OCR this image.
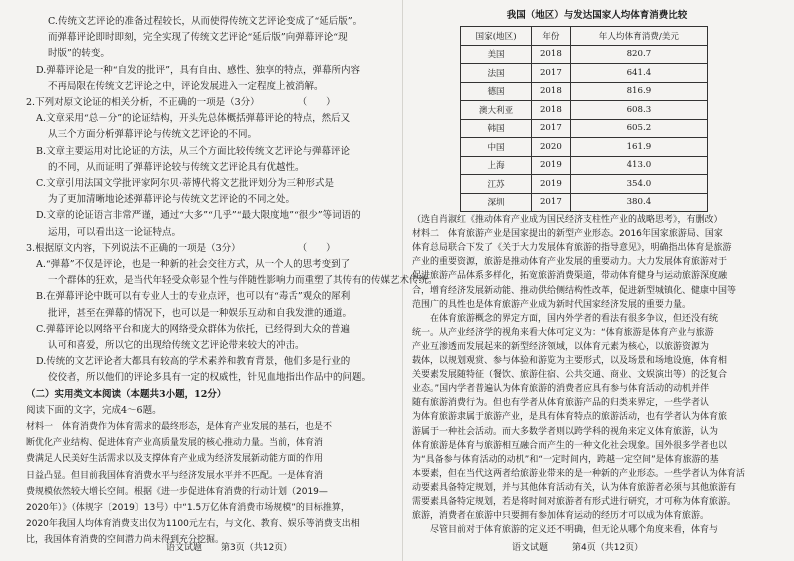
C.传统文艺评论的准备过程较长，从而使得传统文艺评论变成了“延后版”。
而弹幕评论即时即刻，完全实现了传统文艺评论“延后版”向弹幕评论“现
时版”的转变。
D.弹幕评论是一种“自发的批评”，具有自由、感性、独享的特点，弹幕所内容
不再局限在传统文艺评论之中，评论发展进入一定程度上被消解。
2.下列对原文论证的相关分析，不正确的一项是（3分）　　　　　（　　）
A.文章采用“总－分”的论证结构，开头先总体概括弹幕评论的特点，然后又
从三个方面分析弹幕评论与传统文艺评论的不同。
B.文章主要运用对比论证的方法，从三个方面比较传统文艺评论与弹幕评论
的不同，从而证明了弹幕评论较与传统文艺评论具有优越性。
C.文章引用法国文学批评家阿尔贝·蒂博代将文艺批评划分为三种形式是
为了更加清晰地论述弹幕评论与传统文艺评论的不同之处。
D.文章的论证语言非常严谨，通过“大多”“几乎”“最大限度地”“很少”等词语的
运用，可以看出这一论证特点。
3.根据原文内容，下列说法不正确的一项是（3分）　　　　　　　（　　）
A.“弹幕”不仅是评论，也是一种新的社会交往方式，从一个人的思考变到了
一个群体的狂欢，是当代年轻受众彰显个性与伴随性影响力而重塑了其传有的传媒艺术传统。
B.在弹幕评论中既可以有专业人士的专业点评，也可以有“毒舌”观众的犀利
批评，甚至在弹幕的情况下，也可以是一种娱乐互动和自我发泄的通道。
C.弹幕评论以网络平台和庞大的网络受众群体为依托，已经得到大众的普遍
认可和喜爱，所以它的出现给传统文艺评论带来较大的冲击。
D.传统的文艺评论者大都具有较高的学术素养和教育背景，他们多是行业的
佼佼者，所以他们的评论多具有一定的权威性，针见血地指出作品中的问题。
（二）实用类文本阅读（本题共3小题，12分）
阅读下面的文字，完成4～6题。
材料一　体育消费作为体育需求的最终形态，是体育产业发展的基石，也是不
断优化产业结构、促进体育产业高质量发展的核心推动力量。当前，体育消
费满足人民美好生活需求以及支撑体育产业成为经济发展新动能方面的作用
日益凸显。但目前我国体育消费水平与经济发展水平并不匹配。一是体育消
费规模依然较大增长空间。根据《进一步促进体育消费的行动计划（2019—
2020年）》（体规字〔2019〕13号）中“1.5万亿体育消费市场规模”的目标推算，
2020年我国人均体育消费支出仅为1100元左右，与文化、教育、娱乐等消费支出相
比，我国体育消费的空间潜力尚未得到充分挖掘。
语文试题 第3页（共12页）
我国（地区）与发达国家人均体育消费比较
国家(地区)	年份	年人均体育消费/美元
美国	2018	820.7
法国	2017	641.4
德国	2018	816.9
澳大利亚	2018	608.3
韩国	2017	605.2
中国	2020	161.9
上海	2019	413.0
江苏	2019	354.0
深圳	2017	380.4
（选自肖淑红《推动体育产业成为国民经济支柱性产业的战略思考》，有删改）
材料二　体育旅游产业是国家提出的新型产业形态。2016年国家旅游局、国家
体育总局联合下发了《关于大力发展体育旅游的指导意见》，明确指出体育是旅游
产业的重要资源，旅游是推动体育产业发展的重要动力。大力发展体育旅游对于
促进旅游产品体系多样化，拓宽旅游消费渠道，带动体育健身与运动旅游深度融
合，增育经济发展新动能、推动供给侧结构性改革，促进新型城镇化、健康中国等
范围广的具性也是体育旅游产业成为新时代国家经济发展的重要力量。
　　在体育旅游概念的界定方面，国内外学者的看法有很多争议，但还没有统
统一。从产业经济学的视角来看大体可定义为：“体育旅游是体育产业与旅游
产业互渗透而发展起来的新型经济领域，以体育元素为核心，以旅游资源为
载体，以规划观赏、参与体验和游览为主要形式，以及场景和场地设施，体育相
关要素发展随特征（餐饮、旅游住宿、公共交通、商业、文娱演出等）的泛复合
业态。”国内学者普遍认为体育旅游的消费者应具有参与体育活动的动机并伴
随有旅游消费行为。但也有学者从体育旅游产品的归类来界定，一些学者认
为体育旅游隶属于旅游产业，是具有体育特点的旅游活动，也有学者认为体育旅
游属于一种社会活动。而大多数学者则以跨学科的视角来定义体育旅游，认为
体育旅游是体育与旅游相互融合而产生的一种文化社会现象。国外很多学者也以
为“具备参与体育活动的动机”和“一定时间内，跨越一定空间”是体育旅游的基
本要素，但在当代这两者给旅游业带来的是一种新的产业形态。一些学者认为体育活
动要素具备特定规划，并与其他体育活动有关，认为体育旅游者必须与其他旅游有
需要素具备特定规划，若是将时间对旅游者有形式进行研究，才可称为体育旅游。
旅游，消费者在旅游中只要拥有参加体育运动的经历才可以成为体育旅游。
　　尽管目前对于体育旅游的定义还不明确，但无论从哪个角度来看，体育与
语文试题	第4页（共12页）
